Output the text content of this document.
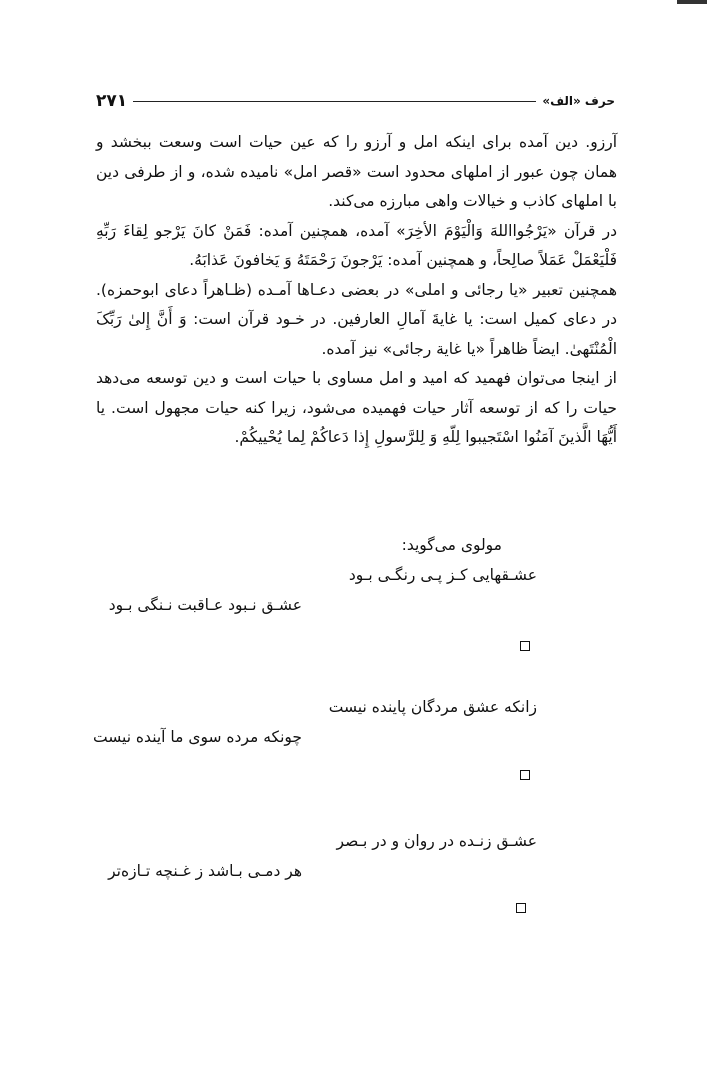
۲۷۱	حرف «الف»

آرزو. دین آمده برای اینکه امل و آرزو را که عین حیات است وسعت ببخشد و همان چون عبور از املهای محدود است «قصر امل» نامیده شده، و از طرفی دین با املهای کاذب و خیالات واهی مبارزه می‌کند.

در قرآن «يَرْجُوااللهَ وَالْيَوْمَ الأخِرَ» آمده، همچنین آمده: فَمَنْ كانَ يَرْجو لِقاءَ رَبِّهِ فَلْيَعْمَلْ عَمَلاً صالِحاً، و همچنین آمده: يَرْجونَ رَحْمَتَهُ وَ يَخافونَ عَذابَهُ.

همچنین تعبیر «یا رجائی و املی» در بعضی دعـاها آمـده (ظـاهراً دعای ابوحمزه). در دعای کمیل است: یا غایةَ آمالِ العارفین. در خـود قرآن است: وَ أَنَّ إِلیٰ رَبِّکَ الْمُنْتَهیٰ. ایضاً ظاهراً «یا غایة رجائی» نیز آمده.

از اینجا می‌توان فهمید که امید و امل مساوی با حیات است و دین توسعه می‌دهد حیات را که از توسعه آثار حیات فهمیده می‌شود، زیرا کنه حیات مجهول است. یا أَیُّهَا الَّذینَ آمَنُوا اسْتَجیبوا لِلّهِ وَ لِلرَّسولِ إِذا دَعاکُمْ لِما یُحْییکُمْ.

مولوی می‌گوید:
عشـقهایی کـز پـی رنگـی بـود
عشـق نـبود عـاقبت نـنگی بـود
زانکه عشق مردگان پاینده نیست
چونکه مرده سوی ما آینده نیست
عشـق زنـده در روان و در بـصر
هر دمـی بـاشد ز غـنچه تـازه‌تر
